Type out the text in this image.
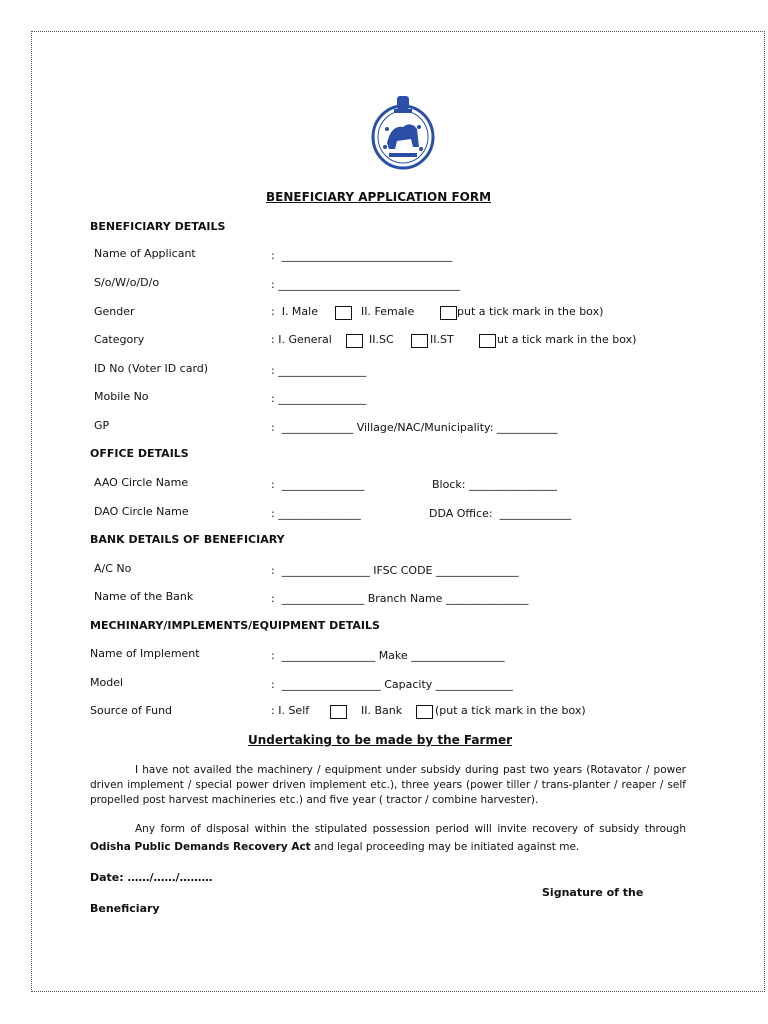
BENEFICIARY APPLICATION FORM
BENEFICIARY DETAILS
Name of Applicant	:  _______________________________
S/o/W/o/D/o	: _________________________________
Gender	:  I. Male	II. Female	put a tick mark in the box)
Category	: I. General	II.SC	II.ST	ut a tick mark in the box)
ID No (Voter ID card)	: ________________
Mobile No	: ________________
GP	:  _____________ Village/NAC/Municipality: ___________
OFFICE DETAILS
AAO Circle Name	:  _______________	Block: ________________
DAO Circle Name	: _______________	DDA Office:  _____________
BANK DETAILS OF BENEFICIARY
A/C No	:  ________________ IFSC CODE _______________
Name of the Bank	:  _______________ Branch Name _______________
MECHINARY/IMPLEMENTS/EQUIPMENT DETAILS
Name of Implement	:  _________________ Make _________________
Model	:  __________________ Capacity ______________
Source of Fund	: I. Self	II. Bank	(put a tick mark in the box)
Undertaking to be made by the Farmer
I have not availed the machinery / equipment under subsidy during past two years (Rotavator / power driven implement / special power driven implement etc.), three years (power tiller / trans-planter / reaper / self propelled post harvest machineries etc.) and five year ( tractor / combine harvester).
Any form of disposal within the stipulated possession period will invite recovery of subsidy through Odisha Public Demands Recovery Act and legal proceeding may be initiated against me.
Date: ……/……/………
Signature of the
Beneficiary
